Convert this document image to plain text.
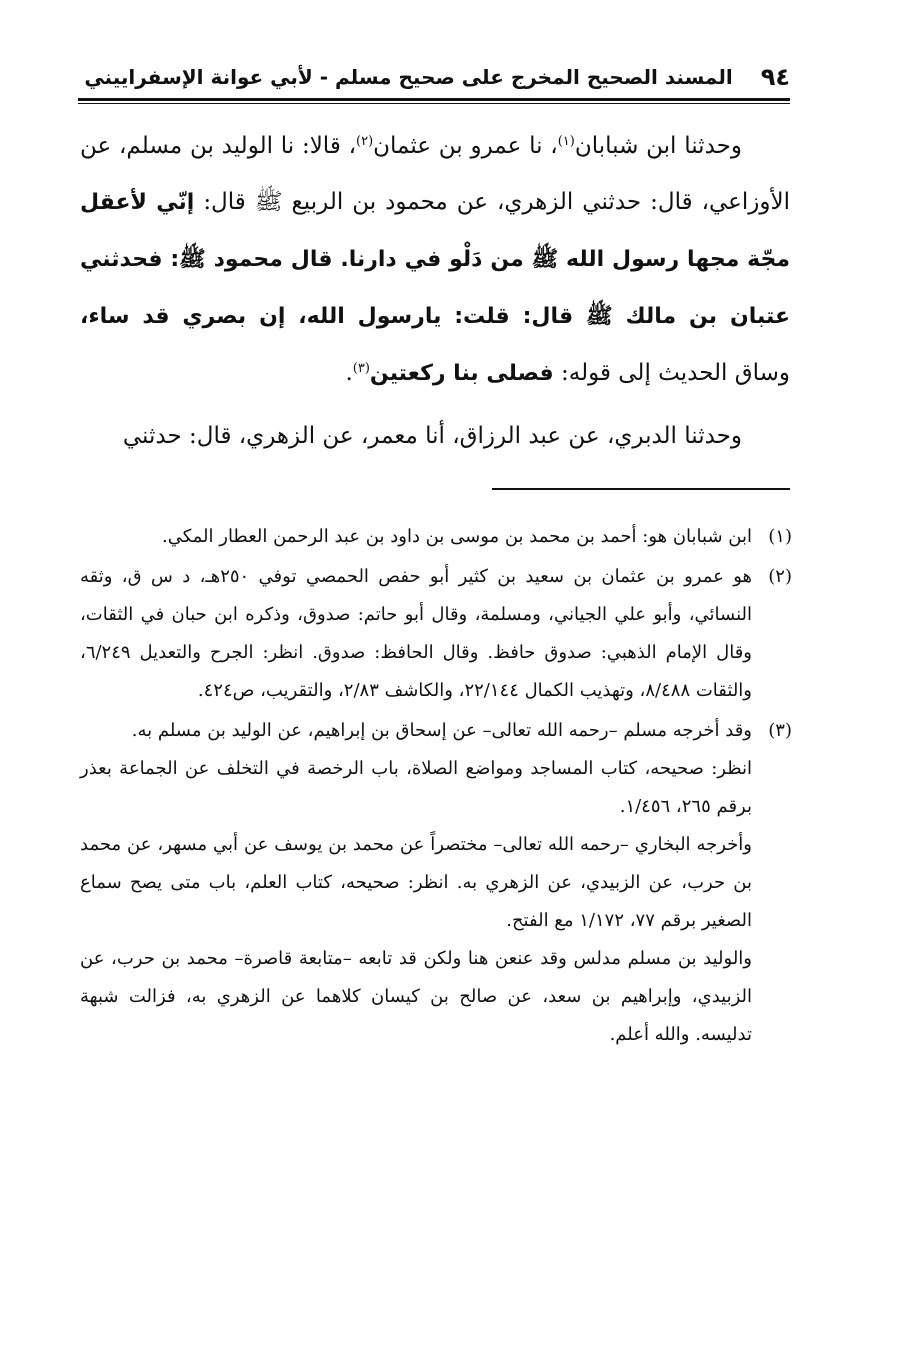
٩٤
المسند الصحيح المخرج على صحيح مسلم - لأبي عوانة الإسفراييني

وحدثنا ابن شبابان$^{(١)}$، نا عمرو بن عثمان$^{(٢)}$، قالا: نا الوليد بن مسلم، عن الأوزاعي، قال: حدثني الزهري، عن محمود بن الربيع ﷺ قال: إنّي لأعقل مجّة مجها رسول الله ﷺ من دَلْو في دارنا. قال محمود ﷺ: فحدثني عتبان بن مالك ﷺ قال: قلت: يارسول الله، إن بصري قد ساء، وساق الحديث إلى قوله: فصلى بنا ركعتين$^{(٣)}$.

وحدثنا الدبري، عن عبد الرزاق، أنا معمر، عن الزهري، قال: حدثني

(١)
ابن شبابان هو: أحمد بن محمد بن موسى بن داود بن عبد الرحمن العطار المكي.
(٢)
هو عمرو بن عثمان بن سعيد بن كثير أبو حفص الحمصي توفي ٢٥٠هـ، د س ق، وثقه النسائي، وأبو علي الجياني، ومسلمة، وقال أبو حاتم: صدوق، وذكره ابن حبان في الثقات، وقال الإمام الذهبي: صدوق حافظ. وقال الحافظ: صدوق. انظر: الجرح والتعديل ٦/٢٤٩، والثقات ٨/٤٨٨، وتهذيب الكمال ٢٢/١٤٤، والكاشف ٢/٨٣، والتقريب، ص٤٢٤.
(٣)
وقد أخرجه مسلم –رحمه الله تعالى– عن إسحاق بن إبراهيم، عن الوليد بن مسلم به.
انظر: صحيحه، كتاب المساجد ومواضع الصلاة، باب الرخصة في التخلف عن الجماعة بعذر برقم ٢٦٥، ١/٤٥٦.
وأخرجه البخاري –رحمه الله تعالى– مختصراً عن محمد بن يوسف عن أبي مسهر، عن محمد بن حرب، عن الزبيدي، عن الزهري به. انظر: صحيحه، كتاب العلم، باب متى يصح سماع الصغير برقم ٧٧، ١/١٧٢ مع الفتح.
والوليد بن مسلم مدلس وقد عنعن هنا ولكن قد تابعه –متابعة قاصرة– محمد بن حرب، عن الزبيدي، وإبراهيم بن سعد، عن صالح بن كيسان كلاهما عن الزهري به، فزالت شبهة تدليسه. والله أعلم.
